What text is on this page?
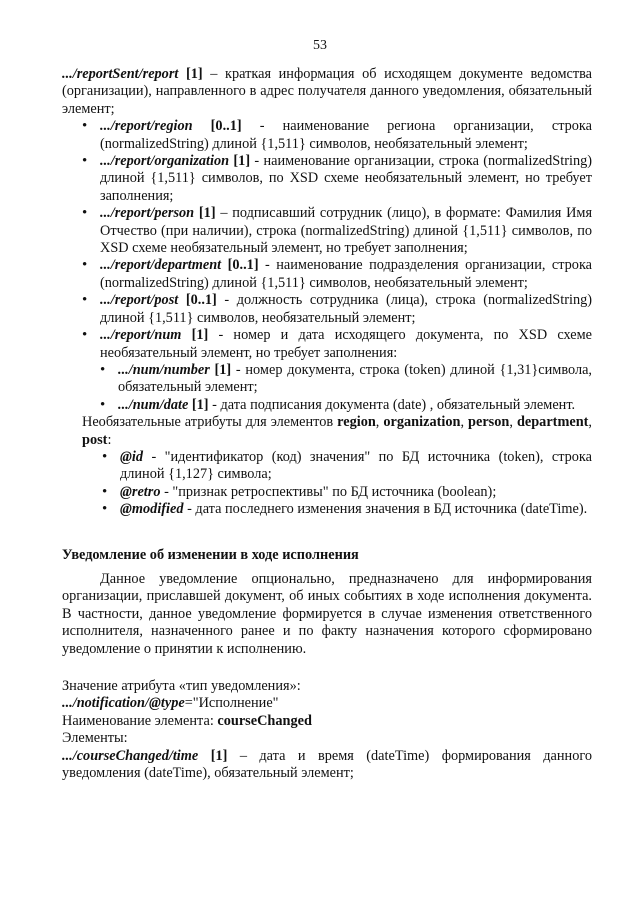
53

.../reportSent/report [1] – краткая информация об исходящем документе ведомства (организации), направленного в адрес получателя данного уведомления, обязательный элемент;

• .../report/region [0..1] - наименование региона организации, строка (normalizedString) длиной {1,511} символов, необязательный элемент;
• .../report/organization [1] - наименование организации, строка (normalizedString) длиной {1,511} символов, по XSD схеме необязательный элемент, но требует заполнения;
• .../report/person [1] – подписавший сотрудник (лицо), в формате: Фамилия Имя Отчество (при наличии), строка (normalizedString) длиной {1,511} символов, по XSD схеме необязательный элемент, но требует заполнения;
• .../report/department [0..1] - наименование подразделения организации, строка (normalizedString) длиной {1,511} символов, необязательный элемент;
• .../report/post [0..1] - должность сотрудника (лица), строка (normalizedString) длиной {1,511} символов, необязательный элемент;
• .../report/num [1] - номер и дата исходящего документа, по XSD схеме необязательный элемент, но требует заполнения:
• .../num/number [1] - номер документа, строка (token) длиной {1,31}символа, обязательный элемент;
• .../num/date [1] - дата подписания документа (date) , обязательный элемент.

Необязательные атрибуты для элементов region, organization, person, department, post:

• @id - "идентификатор (код) значения" по БД источника (token), строка длиной {1,127} символа;
• @retro - "признак ретроспективы" по БД источника (boolean);
• @modified - дата последнего изменения значения в БД источника (dateTime).

Уведомление об изменении в ходе исполнения

Данное уведомление опционально, предназначено для информирования организации, приславшей документ, об иных событиях в ходе исполнения документа. В частности, данное уведомление формируется в случае изменения ответственного исполнителя, назначенного ранее и по факту назначения которого сформировано уведомление о принятии к исполнению.

Значение атрибута «тип уведомления»:

.../notification/@type="Исполнение"

Наименование элемента: courseChanged

Элементы:

.../courseChanged/time [1] – дата и время (dateTime) формирования данного уведомления (dateTime), обязательный элемент;
